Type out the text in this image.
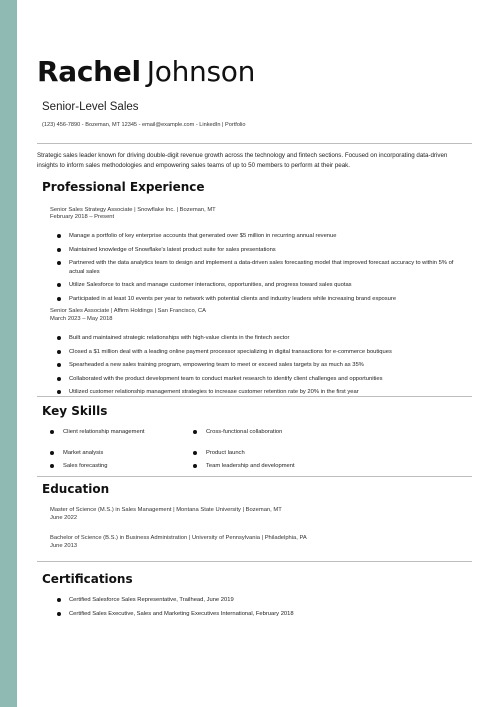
Rachel Johnson
Senior-Level Sales
(123) 456-7890 - Bozeman, MT 12345 - email@example.com - LinkedIn | Portfolio
Strategic sales leader known for driving double-digit revenue growth across the technology and fintech sections. Focused on incorporating data-driven insights to inform sales methodologies and empowering sales teams of up to 50 members to perform at their peak.
Professional Experience
Senior Sales Strategy Associate | Snowflake Inc. | Bozeman, MT
February 2018 – Present
Manage a portfolio of key enterprise accounts that generated over $5 million in recurring annual revenue
Maintained knowledge of Snowflake's latest product suite for sales presentations
Partnered with the data analytics team to design and implement a data-driven sales forecasting model that improved forecast accuracy to within 5% of actual sales
Utilize Salesforce to track and manage customer interactions, opportunities, and progress toward sales quotas
Participated in at least 10 events per year to network with potential clients and industry leaders while increasing brand exposure
Senior Sales Associate | Affirm Holdings | San Francisco, CA
March 2023 – May 2018
Built and maintained strategic relationships with high-value clients in the fintech sector
Closed a $1 million deal with a leading online payment processor specializing in digital transactions for e-commerce boutiques
Spearheaded a new sales training program, empowering team to meet or exceed sales targets by as much as 35%
Collaborated with the product development team to conduct market research to identify client challenges and opportunities
Utilized customer relationship management strategies to increase customer retention rate by 20% in the first year
Key Skills
Client relationship management
Market analysis
Sales forecasting
Cross-functional collaboration
Product launch
Team leadership and development
Education
Master of Science (M.S.) in Sales Management | Montana State University | Bozeman, MT
June 2022
Bachelor of Science (B.S.) in Business Administration | University of Pennsylvania | Philadelphia, PA
June 2013
Certifications
Certified Salesforce Sales Representative, Trailhead, June 2019
Certified Sales Executive, Sales and Marketing Executives International, February 2018
